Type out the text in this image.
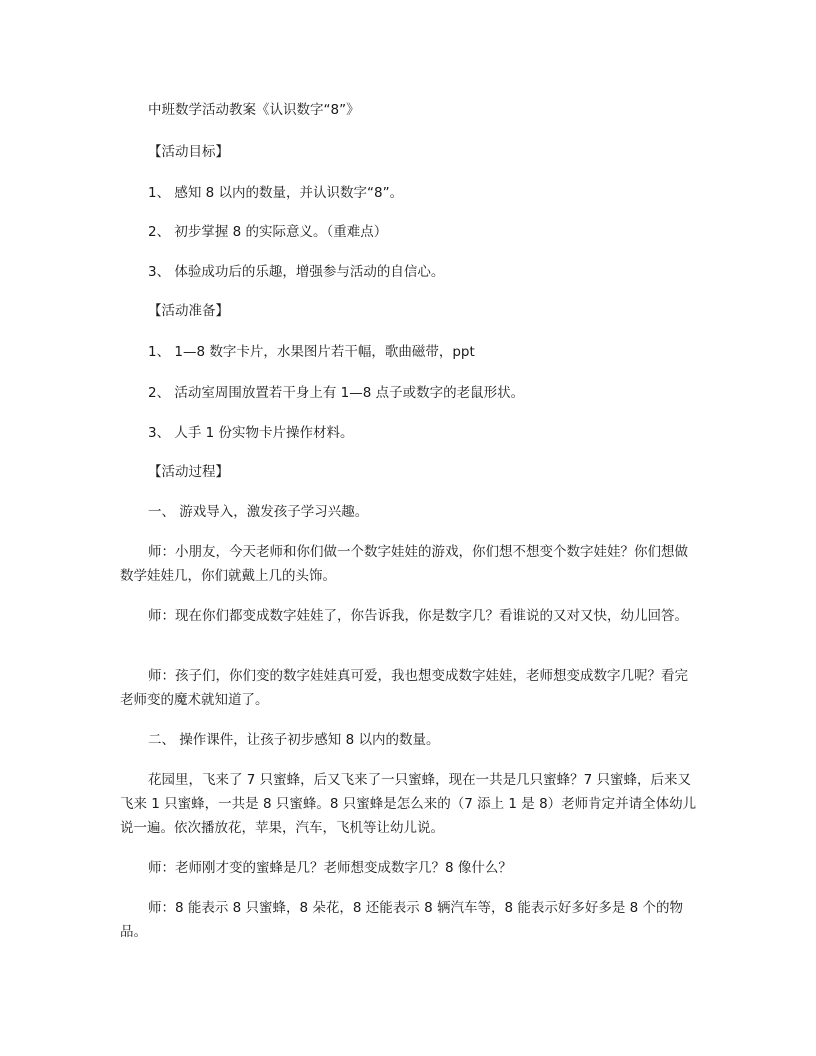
中班数学活动教案《认识数字“8”》
【活动目标】
1、 感知 8 以内的数量，并认识数字“8”。
2、 初步掌握 8 的实际意义。（重难点）
3、 体验成功后的乐趣，增强参与活动的自信心。
【活动准备】
1、 1—8 数字卡片，水果图片若干幅，歌曲磁带，ppt
2、 活动室周围放置若干身上有 1—8 点子或数字的老鼠形状。
3、 人手 1 份实物卡片操作材料。
【活动过程】
一、 游戏导入，激发孩子学习兴趣。
师：小朋友，今天老师和你们做一个数字娃娃的游戏，你们想不想变个数字娃娃？你们想做数学娃娃几，你们就戴上几的头饰。
师：现在你们都变成数字娃娃了，你告诉我，你是数字几？看谁说的又对又快，幼儿回答。
师：孩子们，你们变的数字娃娃真可爱，我也想变成数字娃娃，老师想变成数字几呢？看完老师变的魔术就知道了。
二、 操作课件，让孩子初步感知 8 以内的数量。
花园里，飞来了 7 只蜜蜂，后又飞来了一只蜜蜂，现在一共是几只蜜蜂？7 只蜜蜂，后来又飞来 1 只蜜蜂，一共是 8 只蜜蜂。8 只蜜蜂是怎么来的（7 添上 1 是 8）老师肯定并请全体幼儿说一遍。依次播放花，苹果，汽车，飞机等让幼儿说。
师：老师刚才变的蜜蜂是几？老师想变成数字几？8 像什么？
师：8 能表示 8 只蜜蜂，8 朵花，8 还能表示 8 辆汽车等，8 能表示好多好多是 8 个的物品。
